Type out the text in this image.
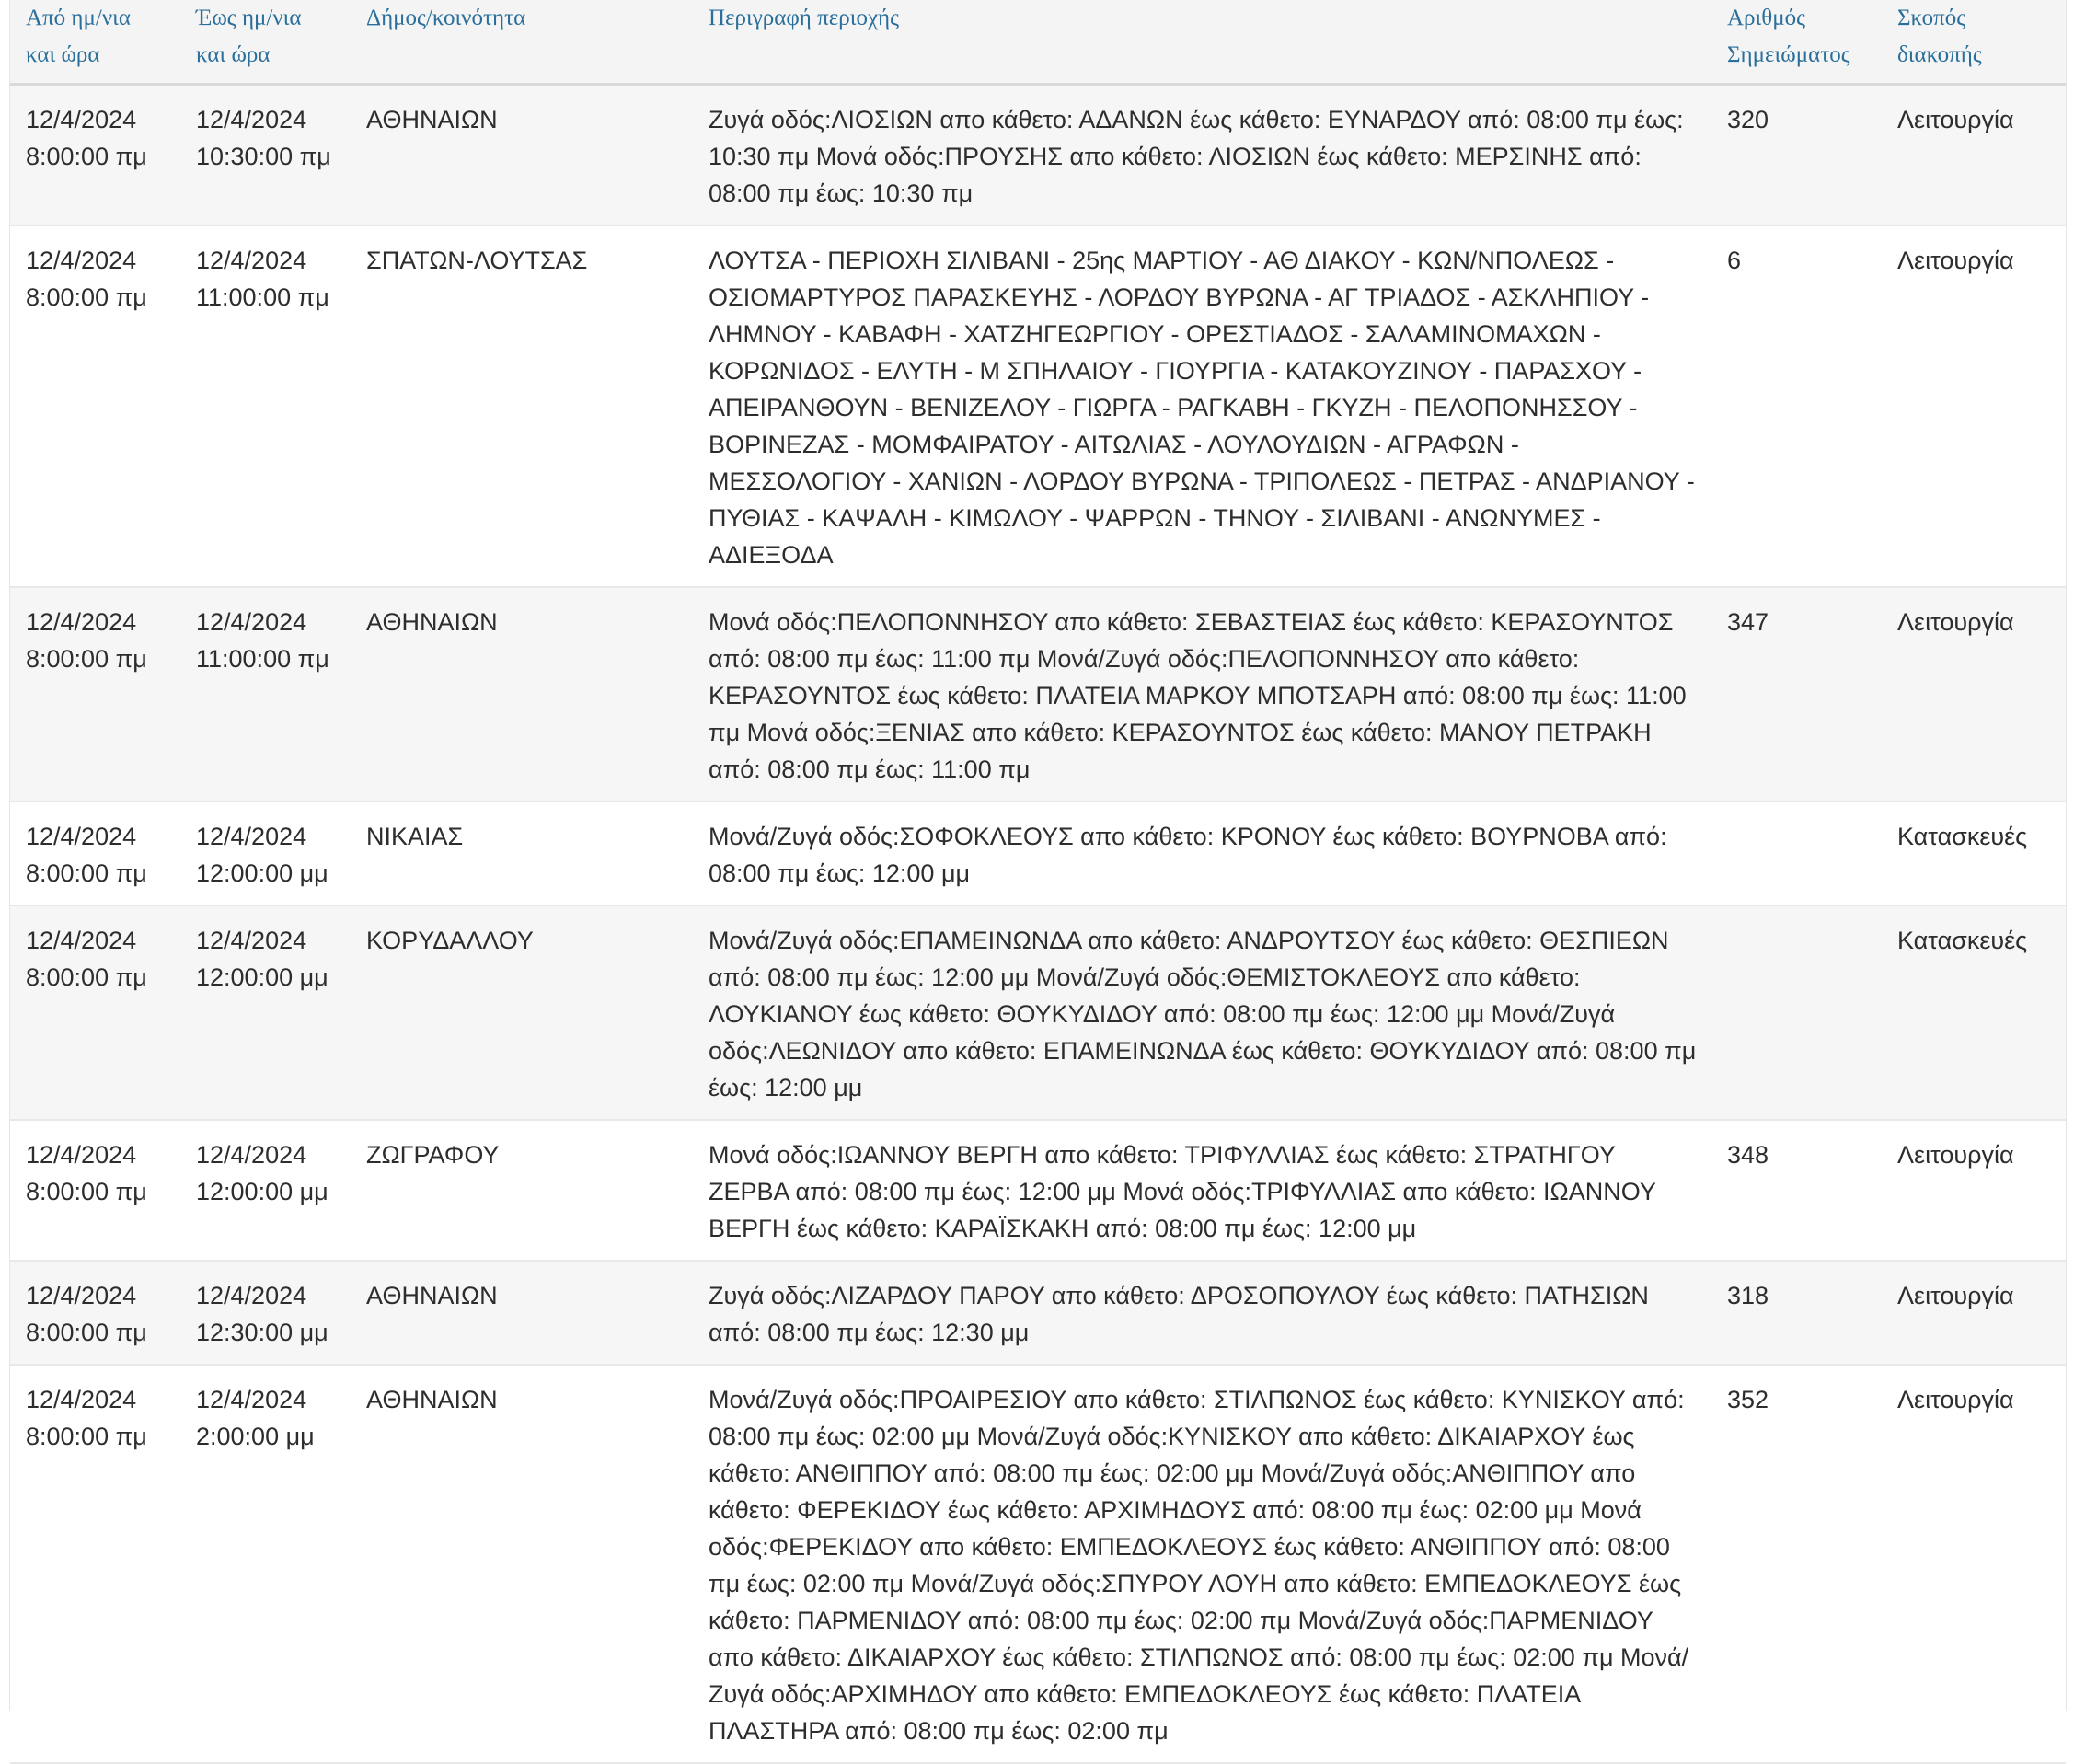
Από ημ/νια
και ώρα	Έως ημ/νια
και ώρα	Δήμος/κοινότητα	Περιγραφή περιοχής	Αριθμός
Σημειώματος	Σκοπός
διακοπής

12/4/2024
8:00:00 πμ	12/4/2024
10:30:00 πμ	ΑΘΗΝΑΙΩΝ	Ζυγά οδός:ΛΙΟΣΙΩΝ απο κάθετο: ΑΔΑΝΩΝ έως κάθετο: ΕΥΝΑΡΔΟΥ από: 08:00 πμ έως: 10:30 πμ Μονά οδός:ΠΡΟΥΣΗΣ απο κάθετο: ΛΙΟΣΙΩΝ έως κάθετο: ΜΕΡΣΙΝΗΣ από: 08:00 πμ έως: 10:30 πμ	320	Λειτουργία

12/4/2024
8:00:00 πμ	12/4/2024
11:00:00 πμ	ΣΠΑΤΩΝ-ΛΟΥΤΣΑΣ	ΛΟΥΤΣΑ - ΠΕΡΙΟΧΗ ΣΙΛΙΒΑΝΙ - 25ης ΜΑΡΤΙΟΥ - ΑΘ ΔΙΑΚΟΥ - ΚΩΝ/ΝΠΟΛΕΩΣ - ΟΣΙΟΜΑΡΤΥΡΟΣ ΠΑΡΑΣΚΕΥΗΣ - ΛΟΡΔΟΥ ΒΥΡΩΝΑ - ΑΓ ΤΡΙΑΔΟΣ - ΑΣΚΛΗΠΙΟΥ - ΛΗΜΝΟΥ - ΚΑΒΑΦΗ - ΧΑΤΖΗΓΕΩΡΓΙΟΥ - ΟΡΕΣΤΙΑΔΟΣ - ΣΑΛΑΜΙΝΟΜΑΧΩΝ - ΚΟΡΩΝΙΔΟΣ - ΕΛΥΤΗ - Μ ΣΠΗΛΑΙΟΥ - ΓΙΟΥΡΓΙΑ - ΚΑΤΑΚΟΥΖΙΝΟΥ - ΠΑΡΑΣΧΟΥ - ΑΠΕΙΡΑΝΘΟΥΝ - ΒΕΝΙΖΕΛΟΥ - ΓΙΩΡΓΑ - ΡΑΓΚΑΒΗ - ΓΚΥΖΗ - ΠΕΛΟΠΟΝΗΣΣΟΥ - ΒΟΡΙΝΕΖΑΣ - ΜΟΜΦΑΙΡΑΤΟΥ - ΑΙΤΩΛΙΑΣ - ΛΟΥΛΟΥΔΙΩΝ - ΑΓΡΑΦΩΝ - ΜΕΣΣΟΛΟΓΙΟΥ - ΧΑΝΙΩΝ - ΛΟΡΔΟΥ ΒΥΡΩΝΑ - ΤΡΙΠΟΛΕΩΣ - ΠΕΤΡΑΣ - ΑΝΔΡΙΑΝΟΥ - ΠΥΘΙΑΣ - ΚΑΨΑΛΗ - ΚΙΜΩΛΟΥ - ΨΑΡΡΩΝ - ΤΗΝΟΥ - ΣΙΛΙΒΑΝΙ - ΑΝΩΝΥΜΕΣ - ΑΔΙΕΞΟΔΑ	6	Λειτουργία

12/4/2024
8:00:00 πμ	12/4/2024
11:00:00 πμ	ΑΘΗΝΑΙΩΝ	Μονά οδός:ΠΕΛΟΠΟΝΝΗΣΟΥ απο κάθετο: ΣΕΒΑΣΤΕΙΑΣ έως κάθετο: ΚΕΡΑΣΟΥΝΤΟΣ από: 08:00 πμ έως: 11:00 πμ Μονά/Ζυγά οδός:ΠΕΛΟΠΟΝΝΗΣΟΥ απο κάθετο: ΚΕΡΑΣΟΥΝΤΟΣ έως κάθετο: ΠΛΑΤΕΙΑ ΜΑΡΚΟΥ ΜΠΟΤΣΑΡΗ από: 08:00 πμ έως: 11:00 πμ Μονά οδός:ΞΕΝΙΑΣ απο κάθετο: ΚΕΡΑΣΟΥΝΤΟΣ έως κάθετο: ΜΑΝΟΥ ΠΕΤΡΑΚΗ από: 08:00 πμ έως: 11:00 πμ	347	Λειτουργία

12/4/2024
8:00:00 πμ	12/4/2024
12:00:00 μμ	ΝΙΚΑΙΑΣ	Μονά/Ζυγά οδός:ΣΟΦΟΚΛΕΟΥΣ απο κάθετο: ΚΡΟΝΟΥ έως κάθετο: ΒΟΥΡΝΟΒΑ από: 08:00 πμ έως: 12:00 μμ		Κατασκευές

12/4/2024
8:00:00 πμ	12/4/2024
12:00:00 μμ	ΚΟΡΥΔΑΛΛΟΥ	Μονά/Ζυγά οδός:ΕΠΑΜΕΙΝΩΝΔΑ απο κάθετο: ΑΝΔΡΟΥΤΣΟΥ έως κάθετο: ΘΕΣΠΙΕΩΝ από: 08:00 πμ έως: 12:00 μμ Μονά/Ζυγά οδός:ΘΕΜΙΣΤΟΚΛΕΟΥΣ απο κάθετο: ΛΟΥΚΙΑΝΟΥ έως κάθετο: ΘΟΥΚΥΔΙΔΟΥ από: 08:00 πμ έως: 12:00 μμ Μονά/Ζυγά οδός:ΛΕΩΝΙΔΟΥ απο κάθετο: ΕΠΑΜΕΙΝΩΝΔΑ έως κάθετο: ΘΟΥΚΥΔΙΔΟΥ από: 08:00 πμ έως: 12:00 μμ		Κατασκευές

12/4/2024
8:00:00 πμ	12/4/2024
12:00:00 μμ	ΖΩΓΡΑΦΟΥ	Μονά οδός:ΙΩΑΝΝΟΥ ΒΕΡΓΗ απο κάθετο: ΤΡΙΦΥΛΛΙΑΣ έως κάθετο: ΣΤΡΑΤΗΓΟΥ ΖΕΡΒΑ από: 08:00 πμ έως: 12:00 μμ Μονά οδός:ΤΡΙΦΥΛΛΙΑΣ απο κάθετο: ΙΩΑΝΝΟΥ ΒΕΡΓΗ έως κάθετο: ΚΑΡΑΪΣΚΑΚΗ από: 08:00 πμ έως: 12:00 μμ	348	Λειτουργία

12/4/2024
8:00:00 πμ	12/4/2024
12:30:00 μμ	ΑΘΗΝΑΙΩΝ	Ζυγά οδός:ΛΙΖΑΡΔΟΥ ΠΑΡΟΥ απο κάθετο: ΔΡΟΣΟΠΟΥΛΟΥ έως κάθετο: ΠΑΤΗΣΙΩΝ από: 08:00 πμ έως: 12:30 μμ	318	Λειτουργία

12/4/2024
8:00:00 πμ	12/4/2024
2:00:00 μμ	ΑΘΗΝΑΙΩΝ	Μονά/Ζυγά οδός:ΠΡΟΑΙΡΕΣΙΟΥ απο κάθετο: ΣΤΙΛΠΩΝΟΣ έως κάθετο: ΚΥΝΙΣΚΟΥ από: 08:00 πμ έως: 02:00 μμ Μονά/Ζυγά οδός:ΚΥΝΙΣΚΟΥ απο κάθετο: ΔΙΚΑΙΑΡΧΟΥ έως κάθετο: ΑΝΘΙΠΠΟΥ από: 08:00 πμ έως: 02:00 μμ Μονά/Ζυγά οδός:ΑΝΘΙΠΠΟΥ απο κάθετο: ΦΕΡΕΚΙΔΟΥ έως κάθετο: ΑΡΧΙΜΗΔΟΥΣ από: 08:00 πμ έως: 02:00 μμ Μονά οδός:ΦΕΡΕΚΙΔΟΥ απο κάθετο: ΕΜΠΕΔΟΚΛΕΟΥΣ έως κάθετο: ΑΝΘΙΠΠΟΥ από: 08:00 πμ έως: 02:00 πμ Μονά/Ζυγά οδός:ΣΠΥΡΟΥ ΛΟΥΗ απο κάθετο: ΕΜΠΕΔΟΚΛΕΟΥΣ έως κάθετο: ΠΑΡΜΕΝΙΔΟΥ από: 08:00 πμ έως: 02:00 πμ Μονά/Ζυγά οδός:ΠΑΡΜΕΝΙΔΟΥ απο κάθετο: ΔΙΚΑΙΑΡΧΟΥ έως κάθετο: ΣΤΙΛΠΩΝΟΣ από: 08:00 πμ έως: 02:00 πμ Μονά/Ζυγά οδός:ΑΡΧΙΜΗΔΟΥ απο κάθετο: ΕΜΠΕΔΟΚΛΕΟΥΣ έως κάθετο: ΠΛΑΤΕΙΑ ΠΛΑΣΤΗΡΑ από: 08:00 πμ έως: 02:00 πμ	352	Λειτουργία
